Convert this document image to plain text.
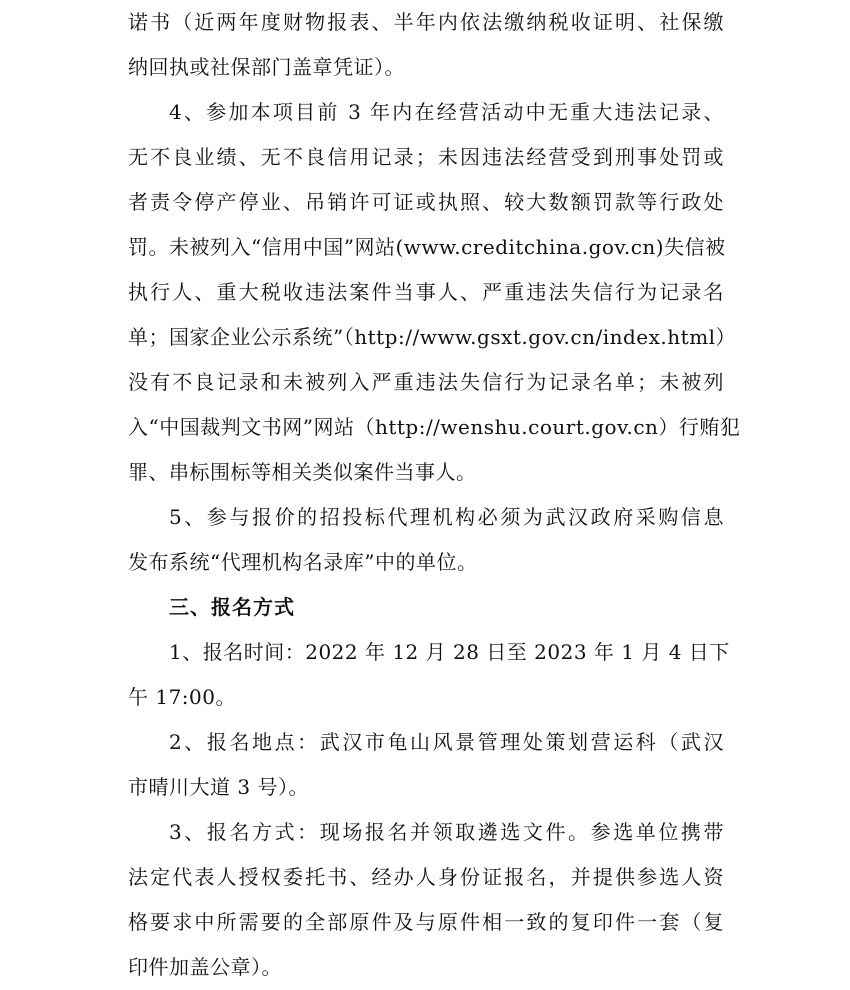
诺书（近两年度财物报表、半年内依法缴纳税收证明、社保缴
纳回执或社保部门盖章凭证）。
4、参加本项目前 3 年内在经营活动中无重大违法记录、
无不良业绩、无不良信用记录；未因违法经营受到刑事处罚或
者责令停产停业、吊销许可证或执照、较大数额罚款等行政处
罚。未被列入“信用中国”网站(www.creditchina.gov.cn)失信被
执行人、重大税收违法案件当事人、严重违法失信行为记录名
单；国家企业公示系统”（http://www.gsxt.gov.cn/index.html）
没有不良记录和未被列入严重违法失信行为记录名单；未被列
入“中国裁判文书网”网站（http://wenshu.court.gov.cn）行贿犯
罪、串标围标等相关类似案件当事人。
5、参与报价的招投标代理机构必须为武汉政府采购信息
发布系统“代理机构名录库”中的单位。
三、报名方式
1、报名时间：2022 年 12 月 28 日至 2023 年 1 月 4 日下
午 17:00。
2、报名地点：武汉市龟山风景管理处策划营运科（武汉
市晴川大道 3 号）。
3、报名方式：现场报名并领取遴选文件。参选单位携带
法定代表人授权委托书、经办人身份证报名，并提供参选人资
格要求中所需要的全部原件及与原件相一致的复印件一套（复
印件加盖公章）。
